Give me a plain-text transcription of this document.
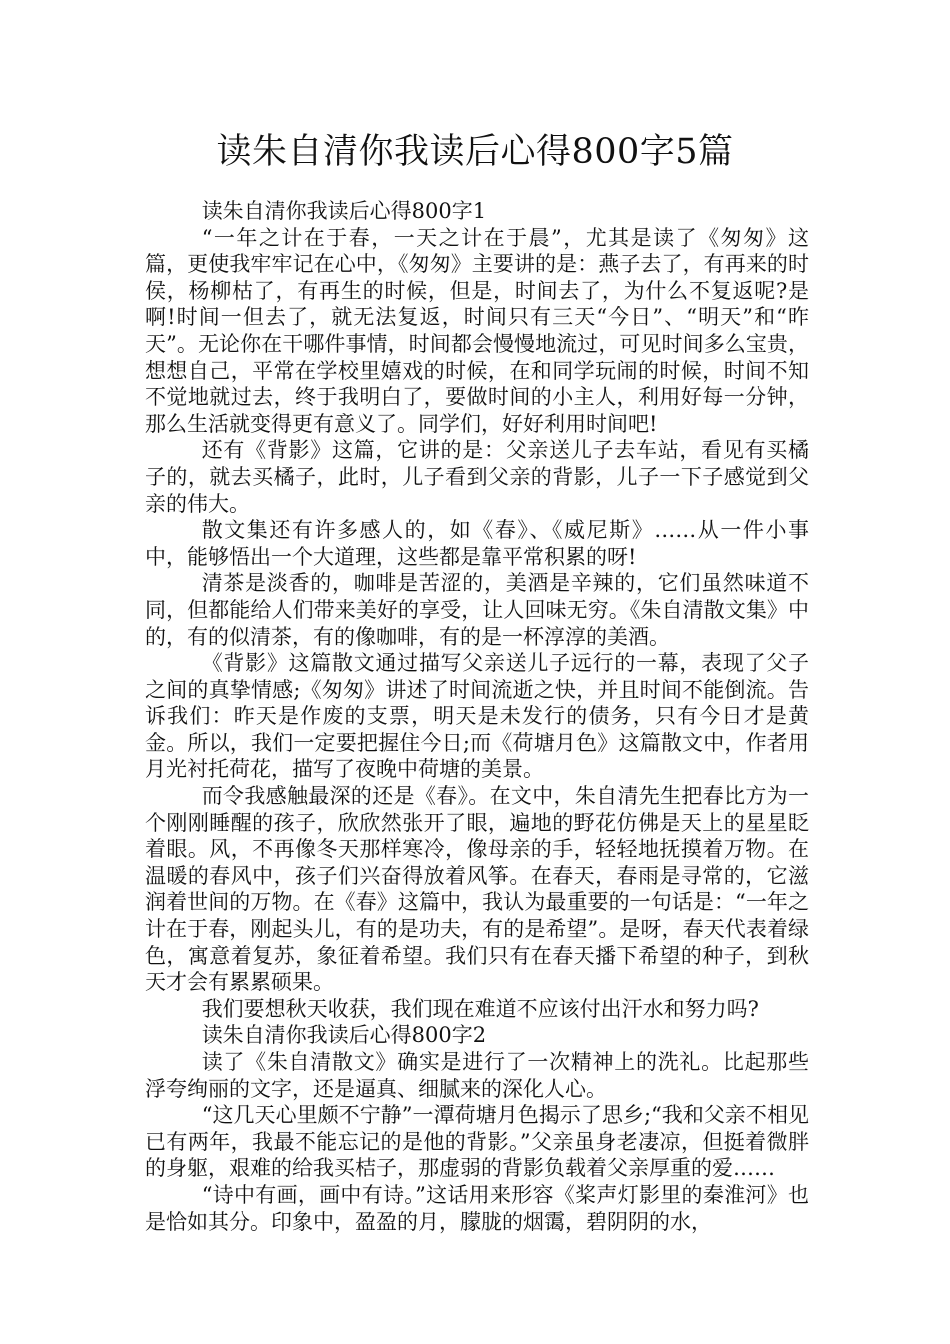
读朱自清你我读后心得800字5篇

读朱自清你我读后心得800字1

“一年之计在于春，一天之计在于晨”，尤其是读了《匆匆》这篇，更使我牢牢记在心中，《匆匆》主要讲的是：燕子去了，有再来的时侯，杨柳枯了，有再生的时候，但是，时间去了，为什么不复返呢?是啊!时间一但去了，就无法复返，时间只有三天“今日”、“明天”和“昨天”。无论你在干哪件事情，时间都会慢慢地流过，可见时间多么宝贵，想想自己，平常在学校里嬉戏的时候，在和同学玩闹的时候，时间不知不觉地就过去，终于我明白了，要做时间的小主人，利用好每一分钟，那么生活就变得更有意义了。同学们，好好利用时间吧!

还有《背影》这篇，它讲的是：父亲送儿子去车站，看见有买橘子的，就去买橘子，此时，儿子看到父亲的背影，儿子一下子感觉到父亲的伟大。

散文集还有许多感人的，如《春》、《威尼斯》……从一件小事中，能够悟出一个大道理，这些都是靠平常积累的呀!

清茶是淡香的，咖啡是苦涩的，美酒是辛辣的，它们虽然味道不同，但都能给人们带来美好的享受，让人回味无穷。《朱自清散文集》中的，有的似清茶，有的像咖啡，有的是一杯淳淳的美酒。

《背影》这篇散文通过描写父亲送儿子远行的一幕，表现了父子之间的真挚情感;《匆匆》讲述了时间流逝之快，并且时间不能倒流。告诉我们：昨天是作废的支票，明天是未发行的债务，只有今日才是黄金。所以，我们一定要把握住今日;而《荷塘月色》这篇散文中，作者用月光衬托荷花，描写了夜晚中荷塘的美景。

而令我感触最深的还是《春》。在文中，朱自清先生把春比方为一个刚刚睡醒的孩子，欣欣然张开了眼，遍地的野花仿佛是天上的星星眨着眼。风，不再像冬天那样寒冷，像母亲的手，轻轻地抚摸着万物。在温暖的春风中，孩子们兴奋得放着风筝。在春天，春雨是寻常的，它滋润着世间的万物。在《春》这篇中，我认为最重要的一句话是：“一年之计在于春，刚起头儿，有的是功夫，有的是希望”。是呀，春天代表着绿色，寓意着复苏，象征着希望。我们只有在春天播下希望的种子，到秋天才会有累累硕果。

我们要想秋天收获，我们现在难道不应该付出汗水和努力吗?

读朱自清你我读后心得800字2

读了《朱自清散文》确实是进行了一次精神上的洗礼。比起那些浮夸绚丽的文字，还是逼真、细腻来的深化人心。

“这几天心里颇不宁静”一潭荷塘月色揭示了思乡;“我和父亲不相见已有两年，我最不能忘记的是他的背影。”父亲虽身老凄凉，但挺着微胖的身躯，艰难的给我买桔子，那虚弱的背影负载着父亲厚重的爱……

“诗中有画，画中有诗。”这话用来形容《桨声灯影里的秦淮河》也是恰如其分。印象中，盈盈的月，朦胧的烟霭，碧阴阴的水，
